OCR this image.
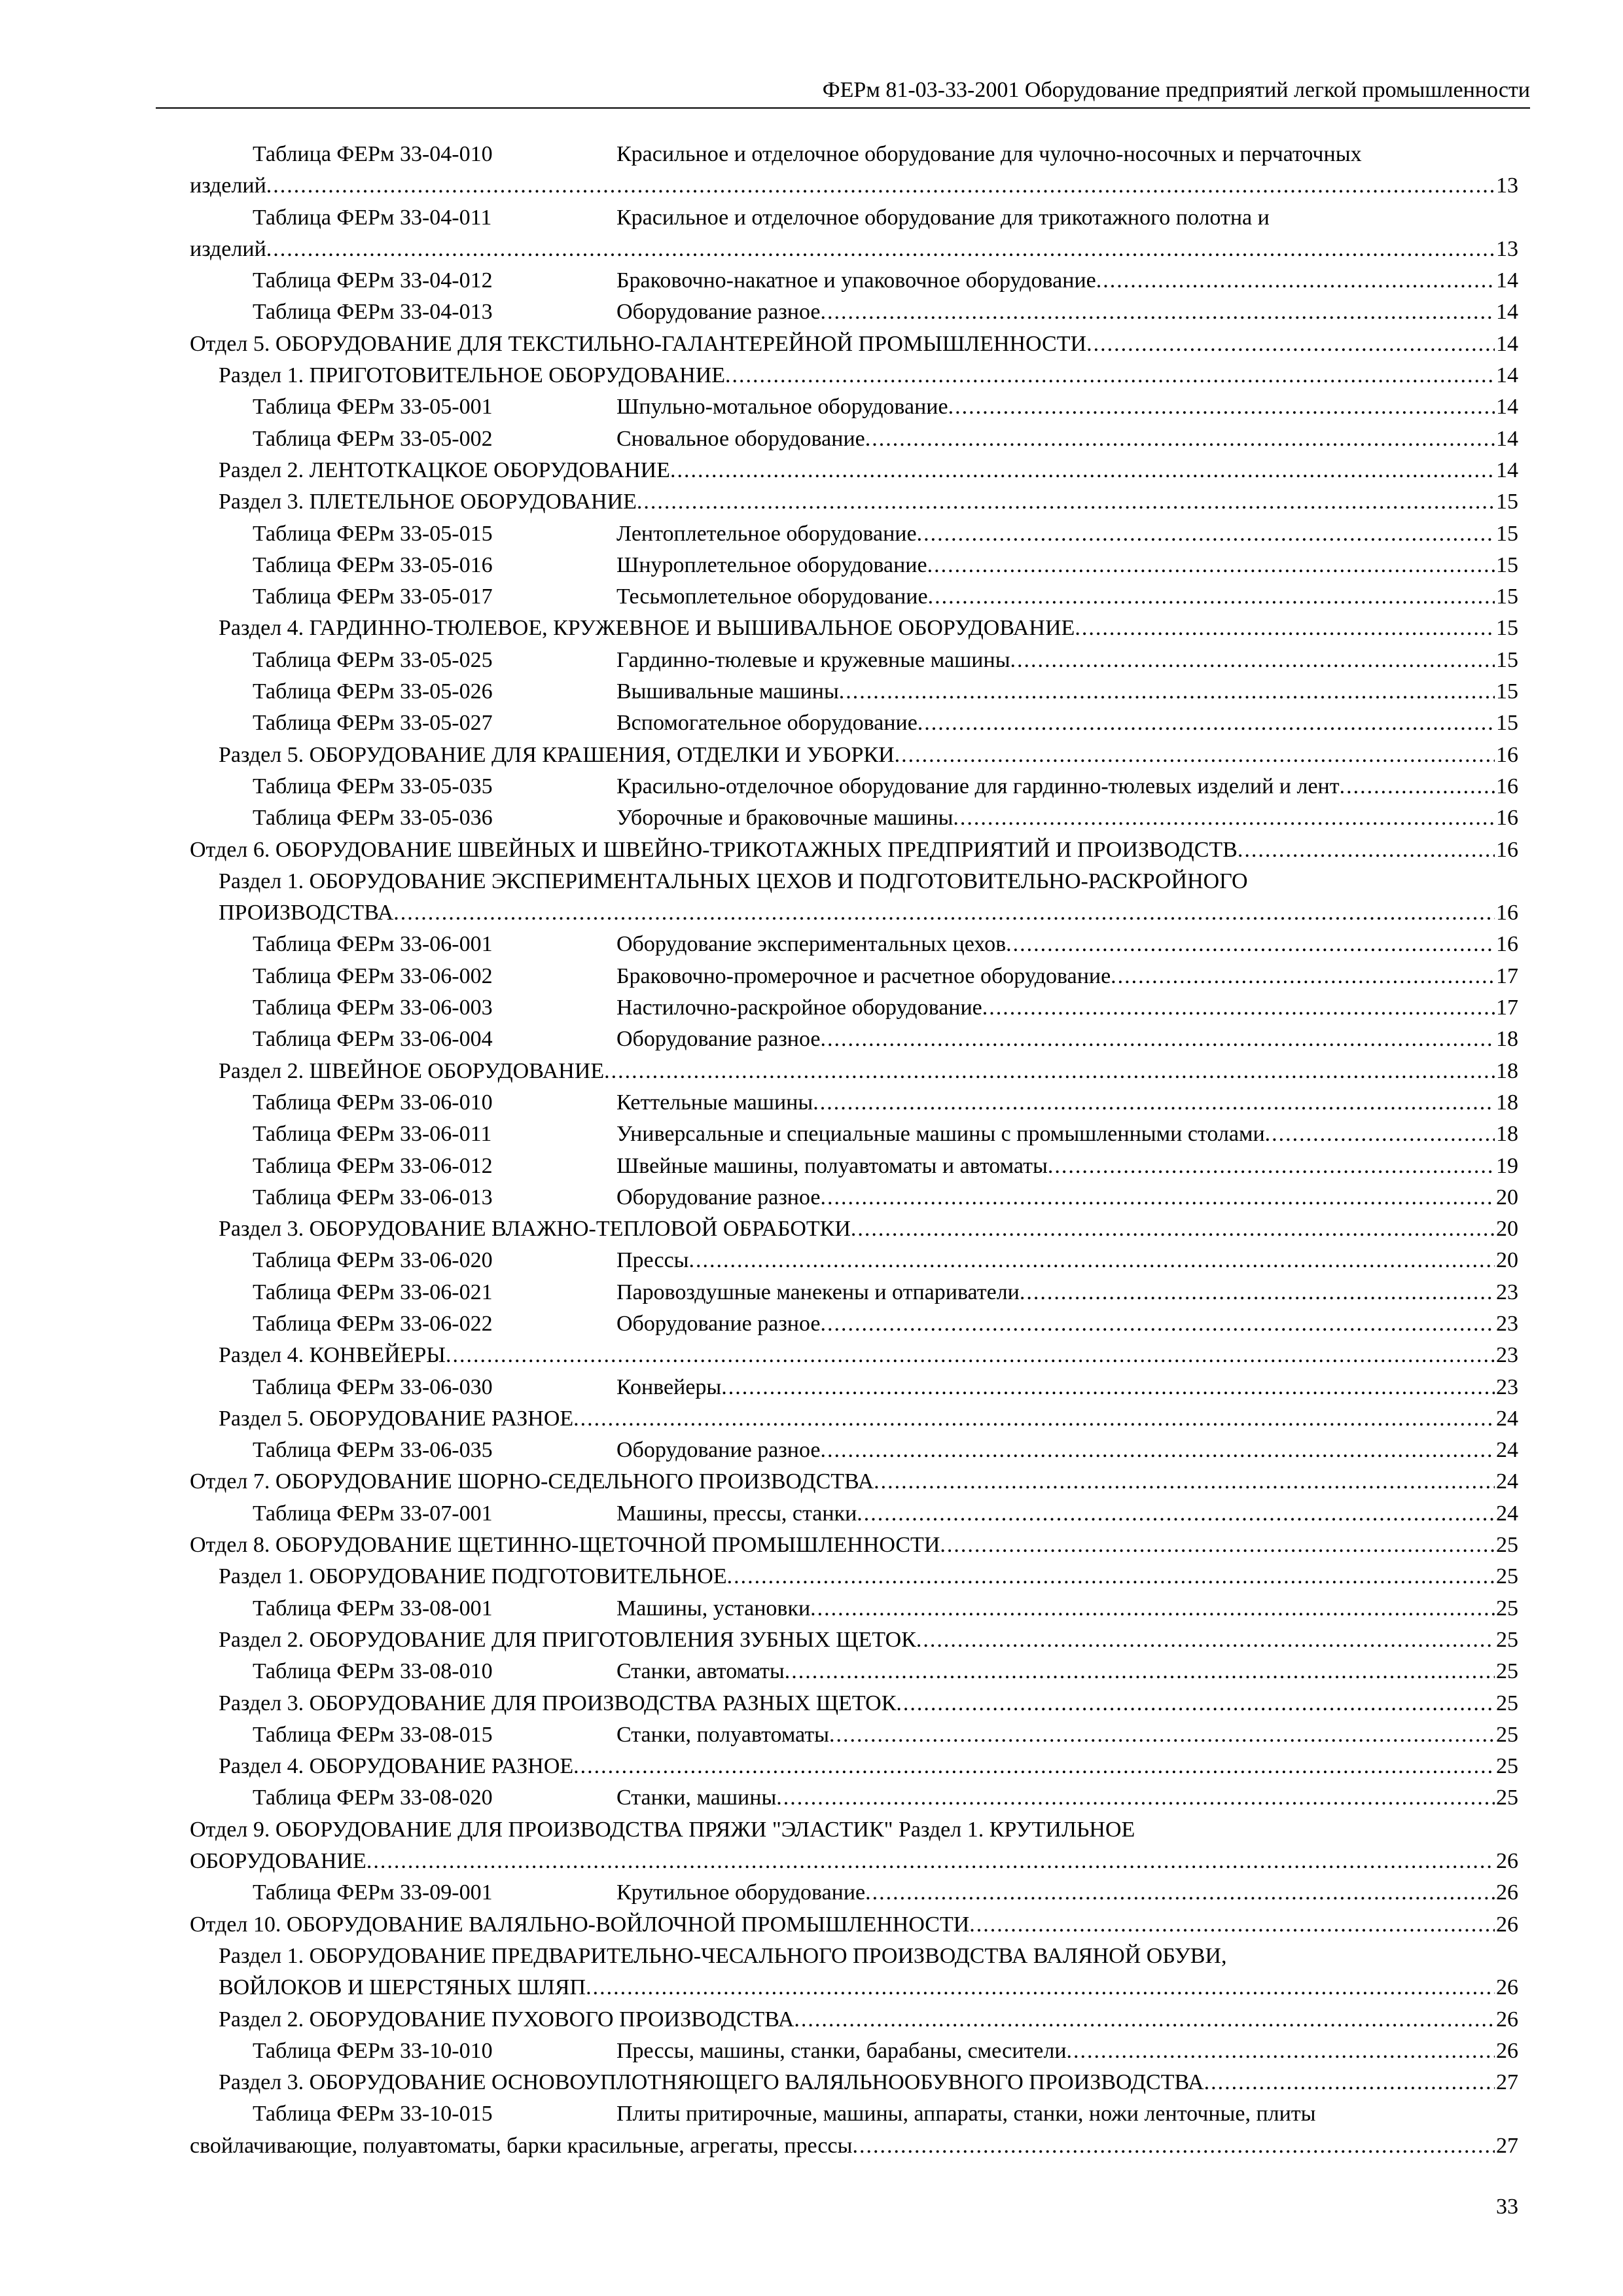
ФЕРм 81-03-33-2001 Оборудование предприятий легкой промышленности
Таблица ФЕРм 33-04-010	Красильное и отделочное оборудование для чулочно-носочных и перчаточных
изделий .....	13
Таблица ФЕРм 33-04-011	Красильное и отделочное оборудование для трикотажного полотна и
изделий .....	13
Таблица ФЕРм 33-04-012	Браковочно-накатное и упаковочное оборудование .....	14
Таблица ФЕРм 33-04-013	Оборудование разное .....	14
Отдел 5. ОБОРУДОВАНИЕ ДЛЯ ТЕКСТИЛЬНО-ГАЛАНТЕРЕЙНОЙ ПРОМЫШЛЕННОСТИ .....	14
Раздел 1. ПРИГОТОВИТЕЛЬНОЕ ОБОРУДОВАНИЕ .....	14
Таблица ФЕРм 33-05-001	Шпульно-мотальное оборудование .....	14
Таблица ФЕРм 33-05-002	Сновальное оборудование .....	14
Раздел 2. ЛЕНТОТКАЦКОЕ ОБОРУДОВАНИЕ .....	14
Раздел 3. ПЛЕТЕЛЬНОЕ ОБОРУДОВАНИЕ .....	15
Таблица ФЕРм 33-05-015	Лентоплетельное оборудование .....	15
Таблица ФЕРм 33-05-016	Шнуроплетельное оборудование .....	15
Таблица ФЕРм 33-05-017	Тесьмоплетельное оборудование .....	15
Раздел 4. ГАРДИННО-ТЮЛЕВОЕ, КРУЖЕВНОЕ И ВЫШИВАЛЬНОЕ ОБОРУДОВАНИЕ .....	15
Таблица ФЕРм 33-05-025	Гардинно-тюлевые и кружевные машины .....	15
Таблица ФЕРм 33-05-026	Вышивальные машины .....	15
Таблица ФЕРм 33-05-027	Вспомогательное оборудование .....	15
Раздел 5. ОБОРУДОВАНИЕ ДЛЯ КРАШЕНИЯ, ОТДЕЛКИ И УБОРКИ .....	16
Таблица ФЕРм 33-05-035	Красильно-отделочное оборудование для гардинно-тюлевых изделий и лент .....	16
Таблица ФЕРм 33-05-036	Уборочные и браковочные машины .....	16
Отдел 6. ОБОРУДОВАНИЕ ШВЕЙНЫХ И ШВЕЙНО-ТРИКОТАЖНЫХ ПРЕДПРИЯТИЙ И ПРОИЗВОДСТВ .....	16
Раздел 1. ОБОРУДОВАНИЕ ЭКСПЕРИМЕНТАЛЬНЫХ ЦЕХОВ И ПОДГОТОВИТЕЛЬНО-РАСКРОЙНОГО
ПРОИЗВОДСТВА .....	16
Таблица ФЕРм 33-06-001	Оборудование экспериментальных цехов .....	16
Таблица ФЕРм 33-06-002	Браковочно-промерочное и расчетное оборудование .....	17
Таблица ФЕРм 33-06-003	Настилочно-раскройное оборудование .....	17
Таблица ФЕРм 33-06-004	Оборудование разное .....	18
Раздел 2. ШВЕЙНОЕ ОБОРУДОВАНИЕ .....	18
Таблица ФЕРм 33-06-010	Кеттельные машины .....	18
Таблица ФЕРм 33-06-011	Универсальные и специальные машины с промышленными столами .....	18
Таблица ФЕРм 33-06-012	Швейные машины, полуавтоматы и автоматы .....	19
Таблица ФЕРм 33-06-013	Оборудование разное .....	20
Раздел 3. ОБОРУДОВАНИЕ ВЛАЖНО-ТЕПЛОВОЙ ОБРАБОТКИ .....	20
Таблица ФЕРм 33-06-020	Прессы .....	20
Таблица ФЕРм 33-06-021	Паровоздушные манекены и отпариватели .....	23
Таблица ФЕРм 33-06-022	Оборудование разное .....	23
Раздел 4. КОНВЕЙЕРЫ .....	23
Таблица ФЕРм 33-06-030	Конвейеры .....	23
Раздел 5. ОБОРУДОВАНИЕ РАЗНОЕ .....	24
Таблица ФЕРм 33-06-035	Оборудование разное .....	24
Отдел 7. ОБОРУДОВАНИЕ ШОРНО-СЕДЕЛЬНОГО ПРОИЗВОДСТВА .....	24
Таблица ФЕРм 33-07-001	Машины, прессы, станки .....	24
Отдел 8. ОБОРУДОВАНИЕ ЩЕТИННО-ЩЕТОЧНОЙ ПРОМЫШЛЕННОСТИ .....	25
Раздел 1. ОБОРУДОВАНИЕ ПОДГОТОВИТЕЛЬНОЕ .....	25
Таблица ФЕРм 33-08-001	Машины, установки .....	25
Раздел 2. ОБОРУДОВАНИЕ ДЛЯ ПРИГОТОВЛЕНИЯ ЗУБНЫХ ЩЕТОК .....	25
Таблица ФЕРм 33-08-010	Станки, автоматы .....	25
Раздел 3. ОБОРУДОВАНИЕ ДЛЯ ПРОИЗВОДСТВА РАЗНЫХ ЩЕТОК .....	25
Таблица ФЕРм 33-08-015	Станки, полуавтоматы .....	25
Раздел 4. ОБОРУДОВАНИЕ РАЗНОЕ .....	25
Таблица ФЕРм 33-08-020	Станки, машины .....	25
Отдел 9. ОБОРУДОВАНИЕ ДЛЯ ПРОИЗВОДСТВА ПРЯЖИ "ЭЛАСТИК" Раздел 1. КРУТИЛЬНОЕ
ОБОРУДОВАНИЕ .....	26
Таблица ФЕРм 33-09-001	Крутильное оборудование .....	26
Отдел 10. ОБОРУДОВАНИЕ ВАЛЯЛЬНО-ВОЙЛОЧНОЙ ПРОМЫШЛЕННОСТИ .....	26
Раздел 1. ОБОРУДОВАНИЕ ПРЕДВАРИТЕЛЬНО-ЧЕСАЛЬНОГО ПРОИЗВОДСТВА ВАЛЯНОЙ ОБУВИ,
ВОЙЛОКОВ И ШЕРСТЯНЫХ ШЛЯП .....	26
Раздел 2. ОБОРУДОВАНИЕ ПУХОВОГО ПРОИЗВОДСТВА .....	26
Таблица ФЕРм 33-10-010	Прессы, машины, станки, барабаны, смесители .....	26
Раздел 3. ОБОРУДОВАНИЕ ОСНОВОУПЛОТНЯЮЩЕГО ВАЛЯЛЬНООБУВНОГО ПРОИЗВОДСТВА .....	27
Таблица ФЕРм 33-10-015	Плиты притирочные, машины, аппараты, станки, ножи ленточные, плиты
свойлачивающие, полуавтоматы, барки красильные, агрегаты, прессы .....	27
33
